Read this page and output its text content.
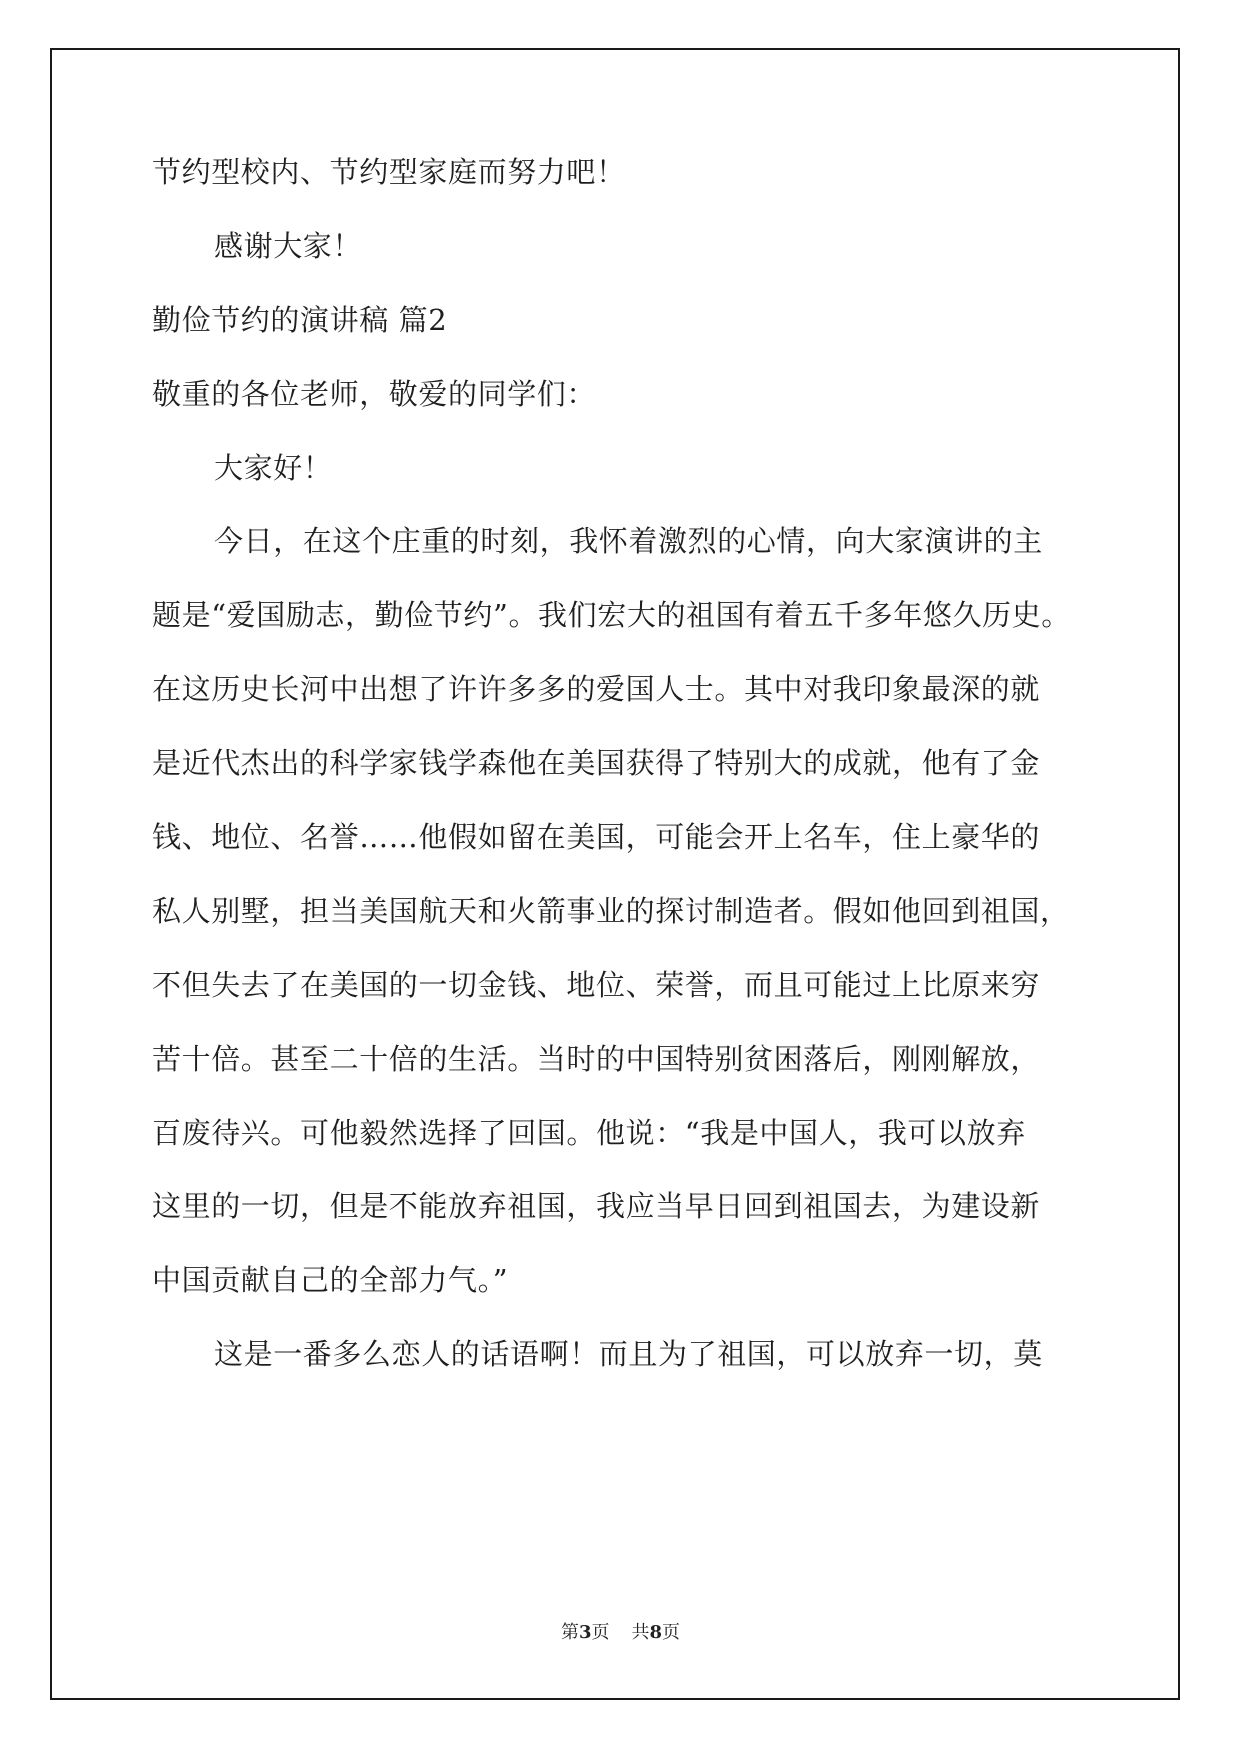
节约型校内、节约型家庭而努力吧！
感谢大家！
勤俭节约的演讲稿 篇2
敬重的各位老师，敬爱的同学们：
大家好！
今日，在这个庄重的时刻，我怀着激烈的心情，向大家演讲的主
题是“爱国励志，勤俭节约”。我们宏大的祖国有着五千多年悠久历史。
在这历史长河中出想了许许多多的爱国人士。其中对我印象最深的就
是近代杰出的科学家钱学森他在美国获得了特别大的成就，他有了金
钱、地位、名誉……他假如留在美国，可能会开上名车，住上豪华的
私人别墅，担当美国航天和火箭事业的探讨制造者。假如他回到祖国，
不但失去了在美国的一切金钱、地位、荣誉，而且可能过上比原来穷
苦十倍。甚至二十倍的生活。当时的中国特别贫困落后，刚刚解放，
百废待兴。可他毅然选择了回国。他说：“我是中国人，我可以放弃
这里的一切，但是不能放弃祖国，我应当早日回到祖国去，为建设新
中国贡献自己的全部力气。”
这是一番多么恋人的话语啊！而且为了祖国，可以放弃一切，莫
第3页 共8页
